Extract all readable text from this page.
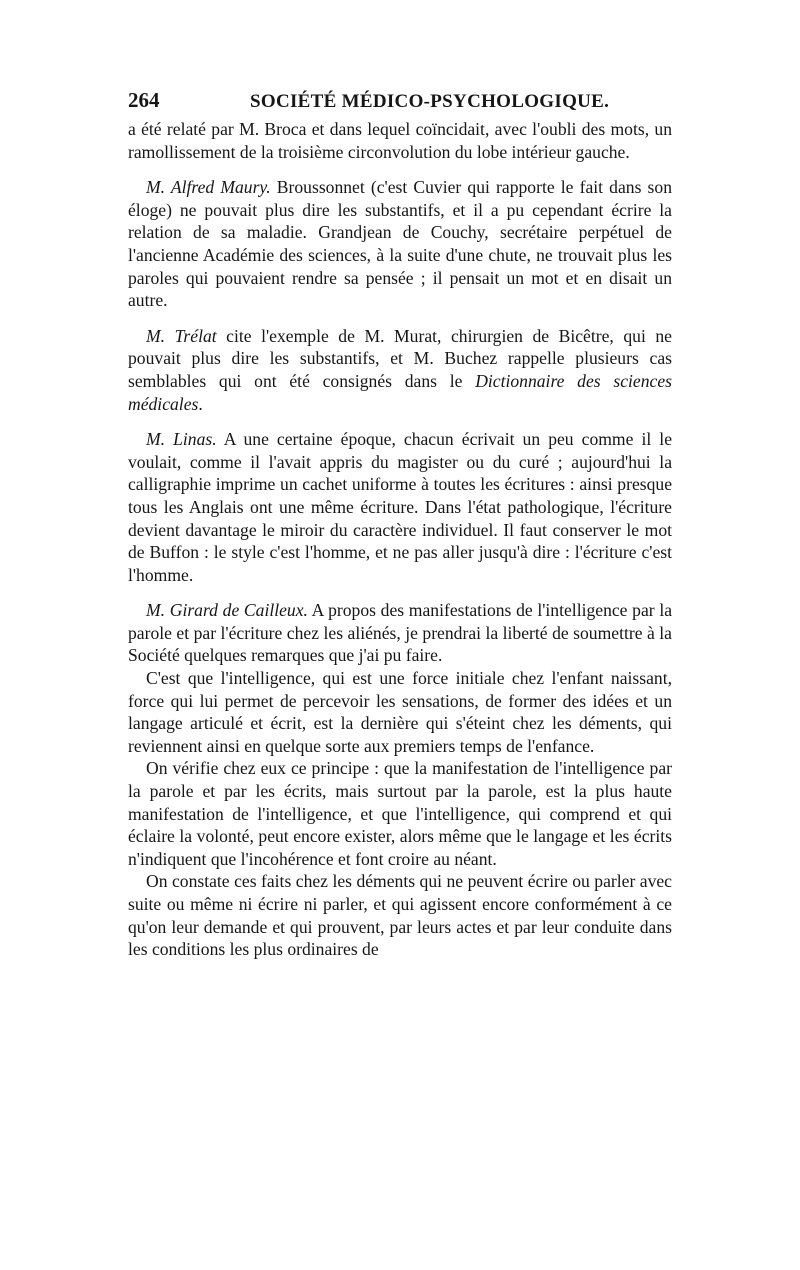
264	SOCIÉTÉ MÉDICO-PSYCHOLOGIQUE.

a été relaté par M. Broca et dans lequel coïncidait, avec l'oubli des mots, un ramollissement de la troisième circonvolution du lobe intérieur gauche.

M. Alfred Maury. Broussonnet (c'est Cuvier qui rapporte le fait dans son éloge) ne pouvait plus dire les substantifs, et il a pu cependant écrire la relation de sa maladie. Grandjean de Couchy, secrétaire perpétuel de l'ancienne Académie des sciences, à la suite d'une chute, ne trouvait plus les paroles qui pouvaient rendre sa pensée ; il pensait un mot et en disait un autre.

M. Trélat cite l'exemple de M. Murat, chirurgien de Bicêtre, qui ne pouvait plus dire les substantifs, et M. Buchez rappelle plusieurs cas semblables qui ont été consignés dans le Dictionnaire des sciences médicales.

M. Linas. A une certaine époque, chacun écrivait un peu comme il le voulait, comme il l'avait appris du magister ou du curé ; aujourd'hui la calligraphie imprime un cachet uniforme à toutes les écritures : ainsi presque tous les Anglais ont une même écriture. Dans l'état pathologique, l'écriture devient davantage le miroir du caractère individuel. Il faut conserver le mot de Buffon : le style c'est l'homme, et ne pas aller jusqu'à dire : l'écriture c'est l'homme.

M. Girard de Cailleux. A propos des manifestations de l'intelligence par la parole et par l'écriture chez les aliénés, je prendrai la liberté de soumettre à la Société quelques remarques que j'ai pu faire.

C'est que l'intelligence, qui est une force initiale chez l'enfant naissant, force qui lui permet de percevoir les sensations, de former des idées et un langage articulé et écrit, est la dernière qui s'éteint chez les déments, qui reviennent ainsi en quelque sorte aux premiers temps de l'enfance.

On vérifie chez eux ce principe : que la manifestation de l'intelligence par la parole et par les écrits, mais surtout par la parole, est la plus haute manifestation de l'intelligence, et que l'intelligence, qui comprend et qui éclaire la volonté, peut encore exister, alors même que le langage et les écrits n'indiquent que l'incohérence et font croire au néant.

On constate ces faits chez les déments qui ne peuvent écrire ou parler avec suite ou même ni écrire ni parler, et qui agissent encore conformément à ce qu'on leur demande et qui prouvent, par leurs actes et par leur conduite dans les conditions les plus ordinaires de
